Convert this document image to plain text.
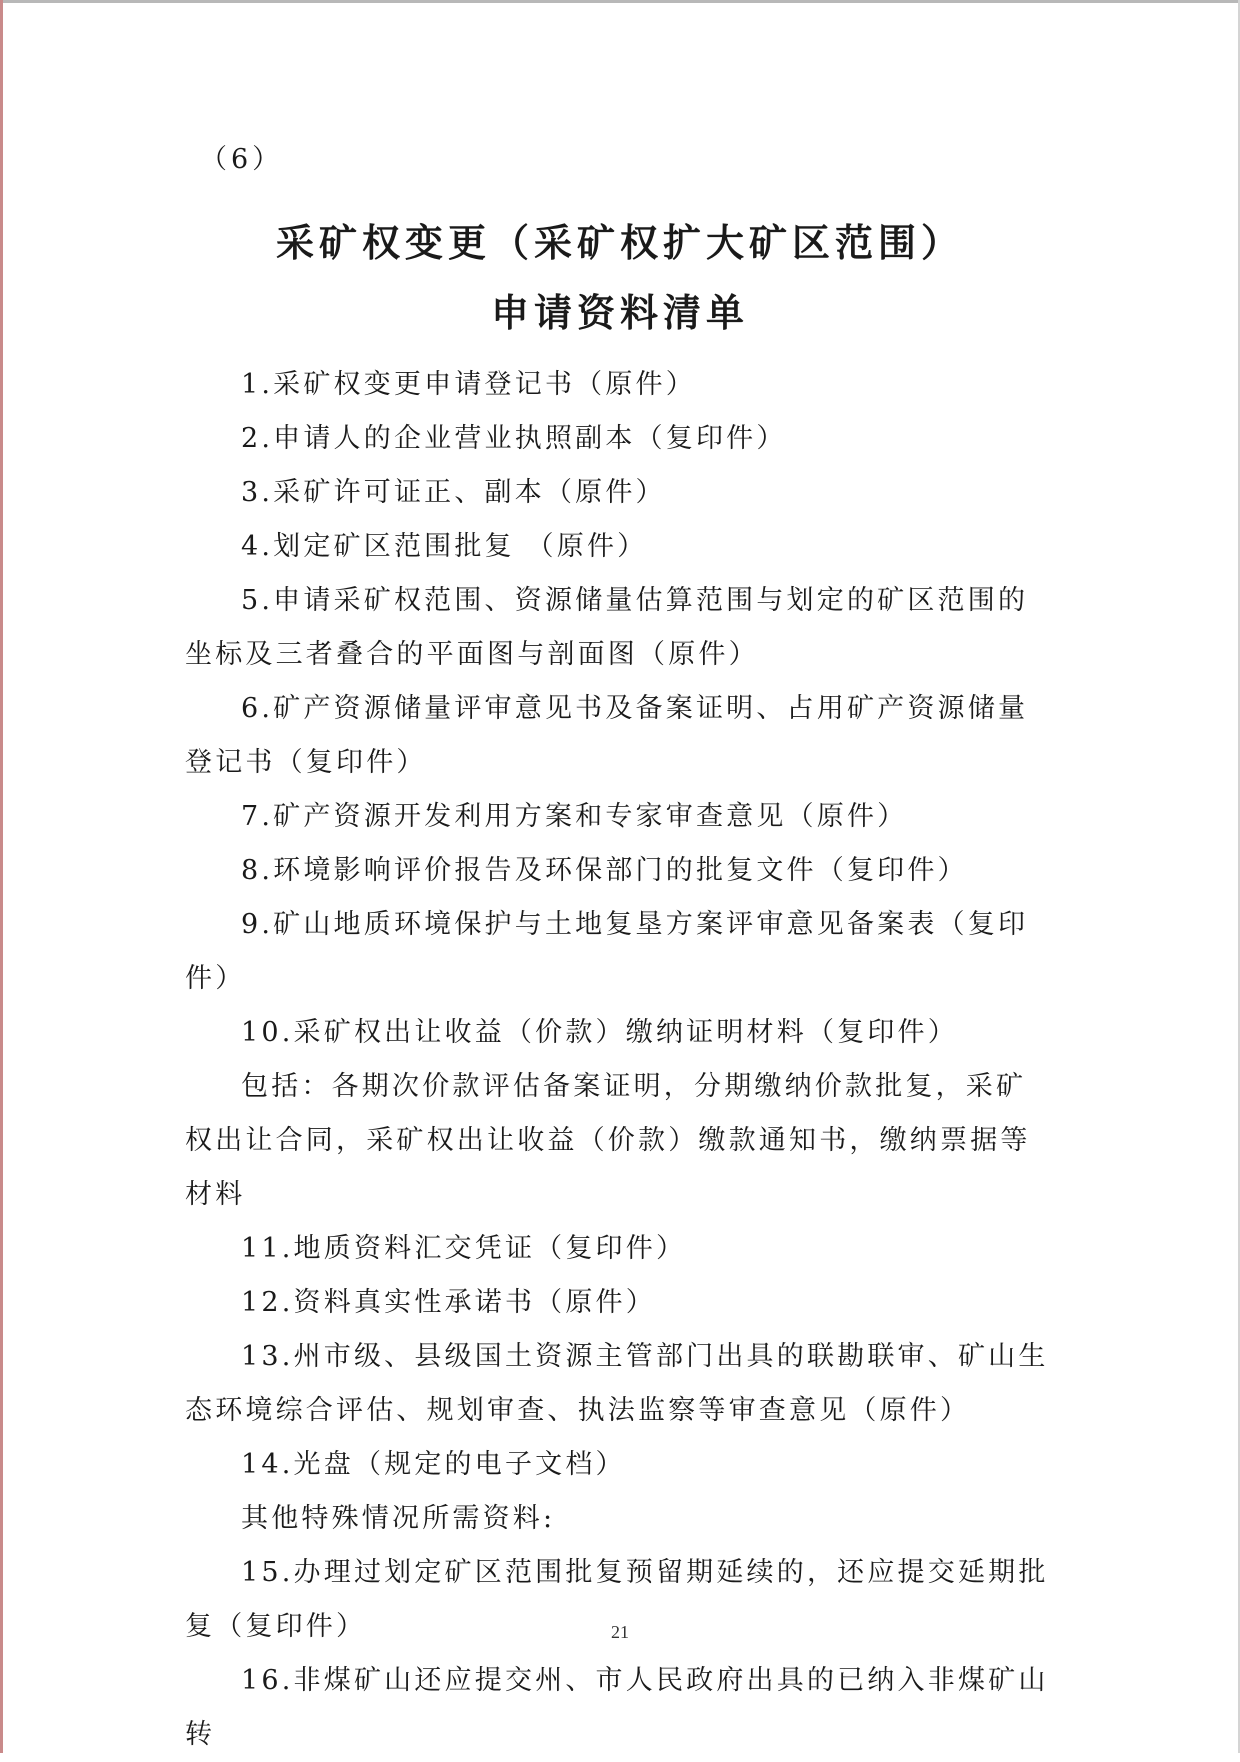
（6）
采矿权变更（采矿权扩大矿区范围）
申请资料清单

1.采矿权变更申请登记书（原件）

2.申请人的企业营业执照副本（复印件）

3.采矿许可证正、副本（原件）

4.划定矿区范围批复 （原件）

5.申请采矿权范围、资源储量估算范围与划定的矿区范围的坐标及三者叠合的平面图与剖面图（原件）

6.矿产资源储量评审意见书及备案证明、占用矿产资源储量登记书（复印件）

7.矿产资源开发利用方案和专家审查意见（原件）

8.环境影响评价报告及环保部门的批复文件（复印件）

9.矿山地质环境保护与土地复垦方案评审意见备案表（复印件）

10.采矿权出让收益（价款）缴纳证明材料（复印件）

包括：各期次价款评估备案证明，分期缴纳价款批复，采矿权出让合同，采矿权出让收益（价款）缴款通知书，缴纳票据等材料

11.地质资料汇交凭证（复印件）

12.资料真实性承诺书（原件）

13.州市级、县级国土资源主管部门出具的联勘联审、矿山生态环境综合评估、规划审查、执法监察等审查意见（原件）

14.光盘（规定的电子文档）

其他特殊情况所需资料:

15.办理过划定矿区范围批复预留期延续的，还应提交延期批复（复印件）

16.非煤矿山还应提交州、市人民政府出具的已纳入非煤矿山转

21
